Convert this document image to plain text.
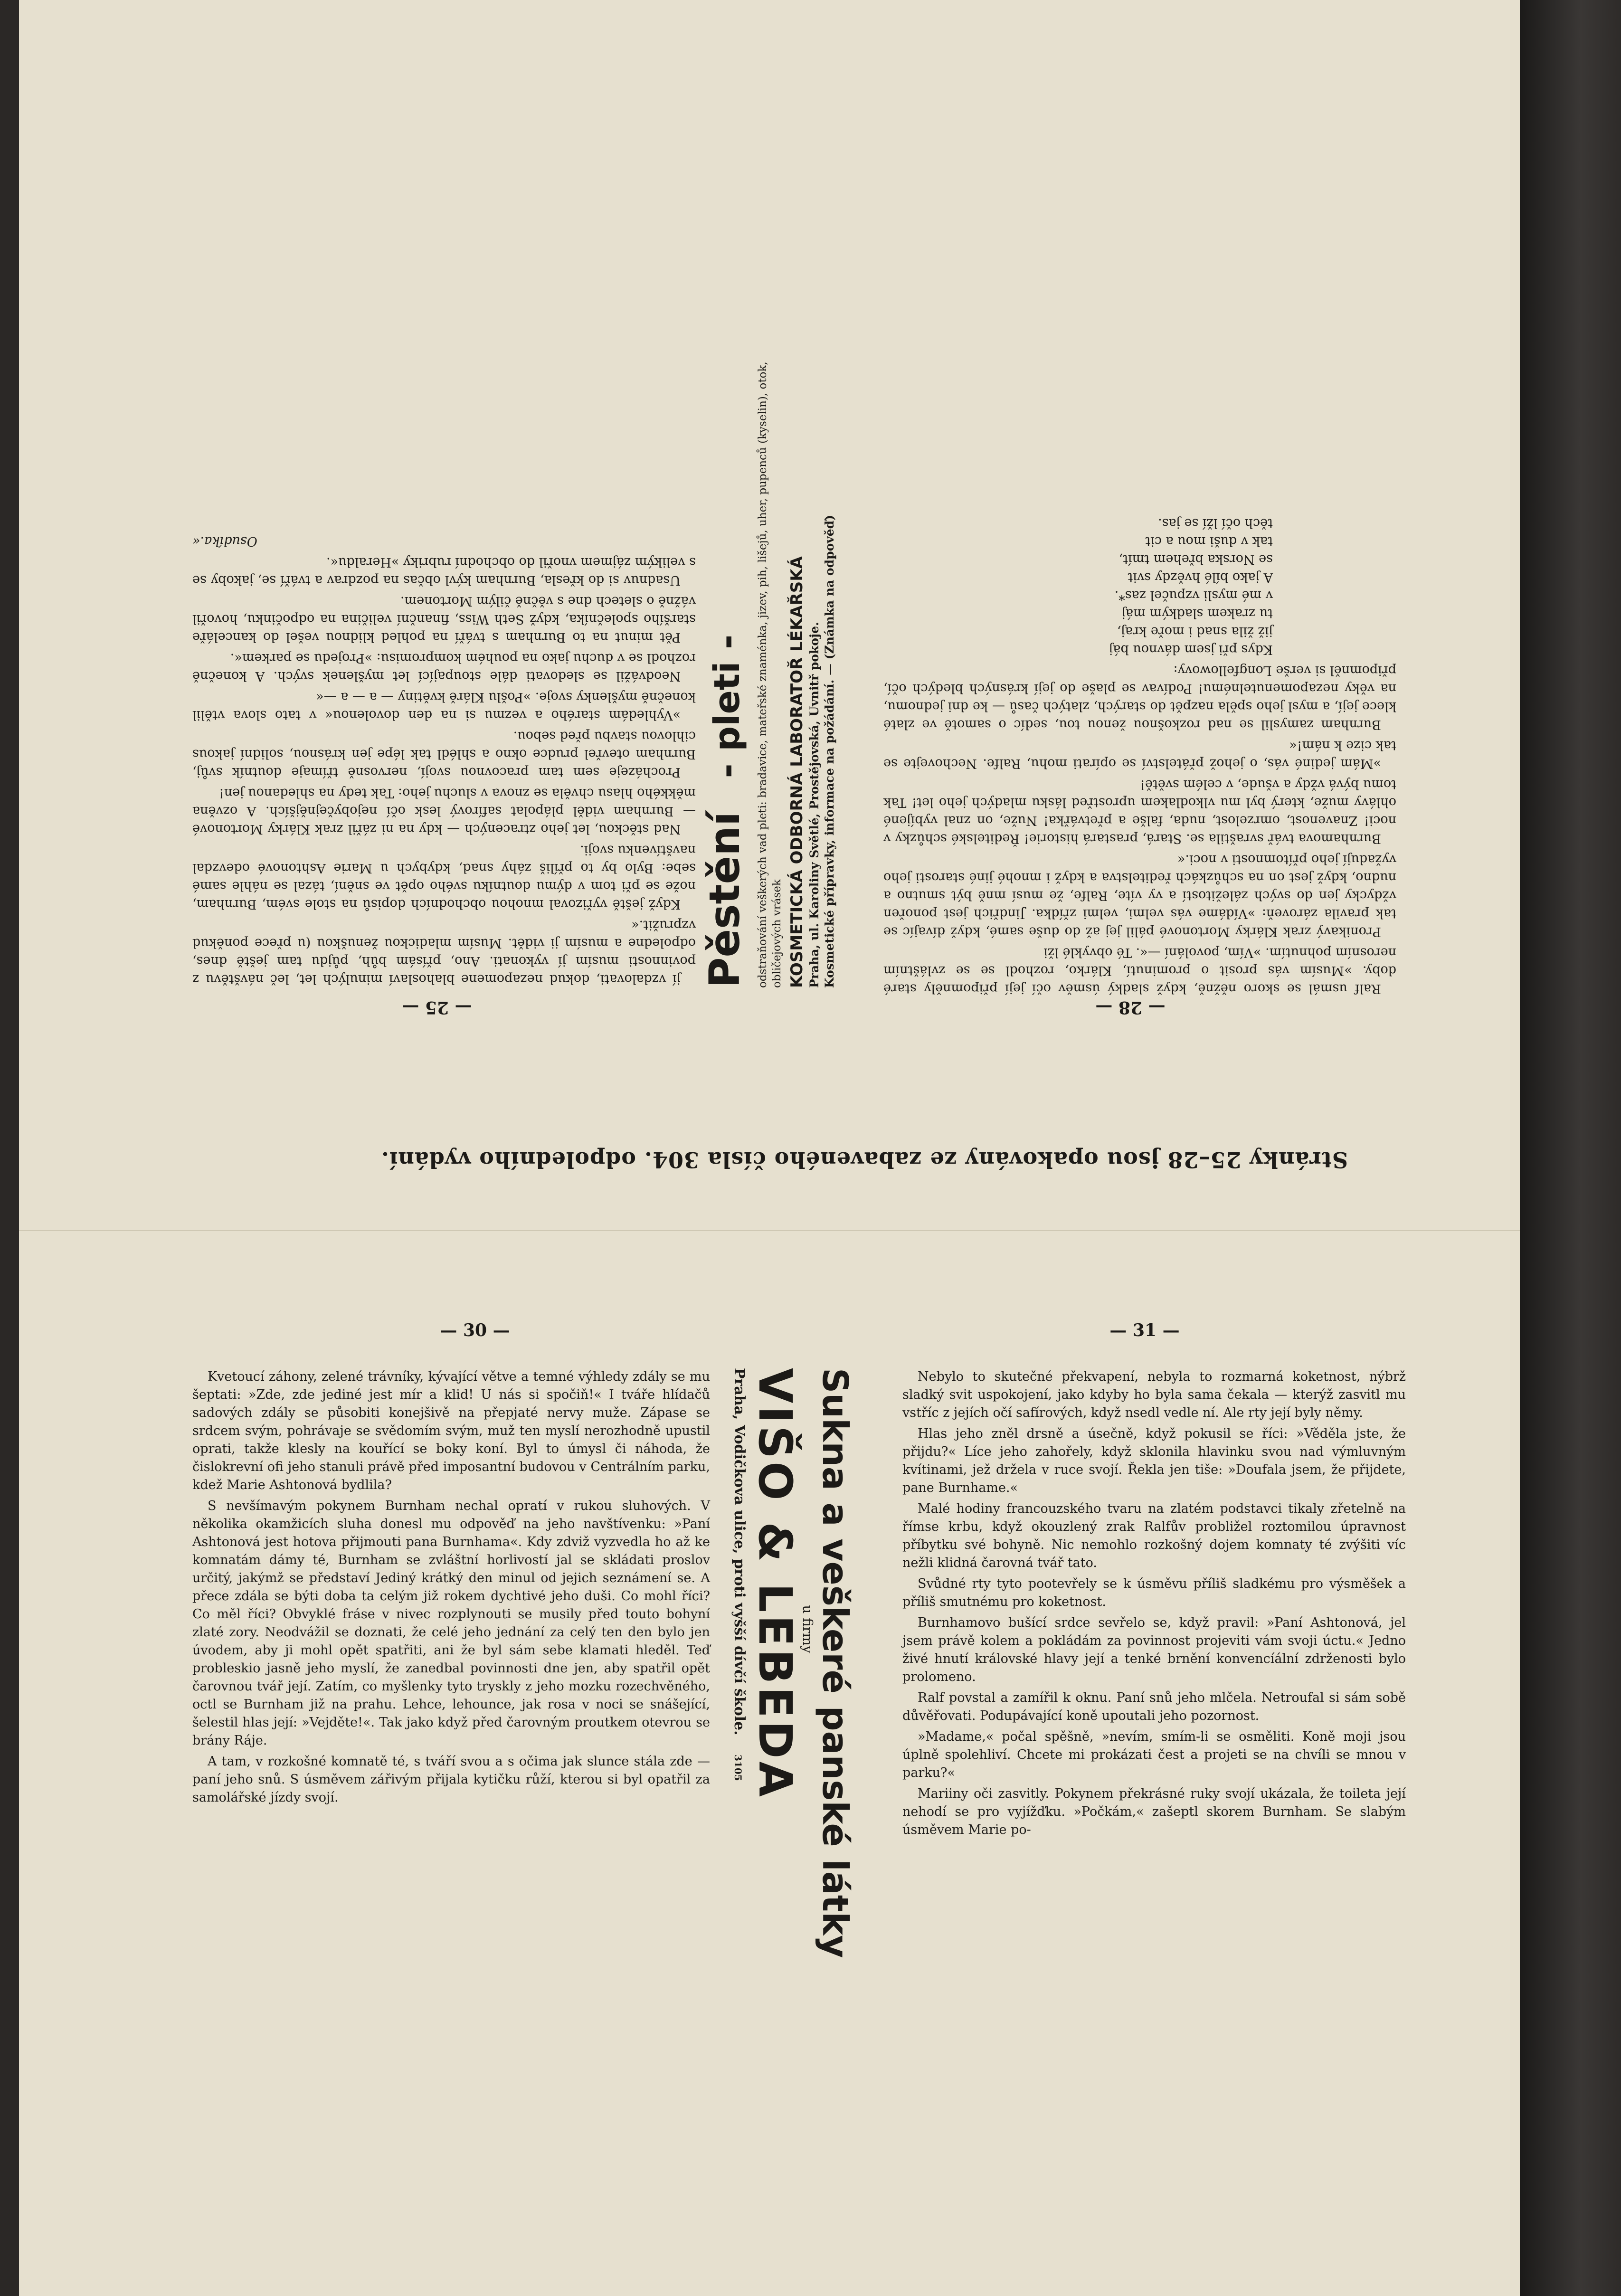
Ralf usmál se skoro něžně, když sladký úsměv očí její připomněly staré doby. »Musím vás prosit o prominutí, Klárko, rozhodl se se zvláštním nerosním pohnutím. »Vím, povolání —«. Té obvyklé lži

Pronikavý zrak Klárky Mortonové pálil jej až do duše samé, když dívajíc se tak pravila zároveň: »Vídáme vás velmi, velmi zřídka. Jindřich jest ponořen vždycky jen do svých záležitostí a vy víte, Ralfe, že musí mně být smutno a nudno, když jest on na schůzkách ředitelstva a když i mnohé jiné starosti jeho vyžadují jeho přítomnosti v noci.«

Burnhamova tvář svraštila se. Stará, prastará historie! Ředitelské schůzky v noci! Znavenost, omrzelost, nuda, falše a přetvářka! Nuže, on znal vybíjené ohlávy muže, který byl mu vlkodlakem uprostřed lásku mladých jeho let! Tak tomu bývá vždy a všude, v celém světě!

»Mám jediné vás, o jehož přátelství se opírati mohu, Ralfe. Nechovejte se tak cize k nám!«

Burnham zamyslil se nad rozkošnou ženou tou, sedíc o samotě ve zlaté klece její, a mysl jeho spěla nazpět do starých, zlatých časů — ke dni jednomu, na věky nezapomenutelnému! Podívav se plaše do její krásných bledých očí, připomněl si verše Longfellowovy:

Kdys při jsem dávnou báj
již žila snad i moře kraj,
tu zrakem sladkým máj
v mé mysli vzpučel zas*.
A jako bílé hvězdy svit
se Norska břehem tmít,
tak v duši mou a cit
těch očí lží se jas.
— 28 —
Pěstění - pleti - odstraňování veškerých vad pleti: bradavice, mateřské znaménka, jizev, pih, lišejů, uher, pupenců (kyselin), otok, obličejových vrásek KOSMETICKÁ ODBORNÁ LABORATOŘ LÉKAŘSKÁ Praha, ul. Karoliny Světlé, Prostějovská, Uvnitř pokoje. Kosmetické přípravky, informace na požádání. — (Známka na odpověď)

jí vzdalovati, dokud nezapomene blahoslaví minulých let, leč návštěvu z povinnosti musím jí vykonati. Ano, přísám bůh, půjdu tam ještě dnes, odpoledne a musím ji vidět. Musím mladickou ženuškou (u přece poněkud vzpružit.«

Když ještě vyřizoval mnohou obchodních dopisů na stole svém, Burnham, nože se při tom v dýmu doutníku svého opět ve snění, tázal se náhle samé sebe: Bylo by to příliš záhy snad, kdybych u Marie Ashtonové odevzdal navštívenku svoji.

Nad stěckou, let jeho ztracených — kdy na ni zářil zrak Klárky Mortonové — Burnham viděl plápolat safírový lesk očí nejobyčejnějších. A ozvěna měkkého hlasu chvěla se znova v sluchu jeho: Tak tedy na shledanou jen!

Procházeje sem tam pracovnou svojí, nervosně třímaje doutník svůj, Burnham otevřel prudce okno a shlédl tak lépe jen krásnou, solidní jakous cihlovou stavbu před sebou.

»Vyhledám starého a vezmu si na den dovolenou« v tato slova vtělil konečně myšlenky svoje. »Pošlu Klárě květiny — a — a —«

Neodvážil se sledovati dále stoupající let myšlenek svých. A konečně rozhodl se v duchu jako na pouhém kompromisu: »Projedu se parkem«.

Pět minut na to Burnham s tváří na pohled klidnou vešel do kanceláře staršího společníka, když Seth Wiss, finanční veličina na odpočinku, hovořil vážně o sletech dne s věčně čilým Mortonem.

Usadnuv si do křesla, Burnham kývl občas na pozdrav a tváří se, jakoby se s velikým zájmem vnořil do obchodní rubriky »Heraldu«.

Osudíka.«
— 25 —
Stránky 25–28 jsou opakovány ze zabaveného čísla 304. odpoledního vydání.
— 30 —

Kvetoucí záhony, zelené trávníky, kývající větve a temné výhledy zdály se mu šeptati: »Zde, zde jediné jest mír a klid! U nás si spočiň!« I tváře hlídačů sadových zdály se působiti konejšivě na přepjaté nervy muže. Zápase se srdcem svým, pohrávaje se svědomím svým, muž ten myslí nerozhodně upustil oprati, takže klesly na kouřící se boky koní. Byl to úmysl či náhoda, že čislokrevní ofi jeho stanuli právě před imposantní budovou v Centrálním parku, kdež Marie Ashtonová bydlila?

S nevšímavým pokynem Burnham nechal opratí v rukou sluhových. V několika okamžicích sluha donesl mu odpověď na jeho navštívenku: »Paní Ashtonová jest hotova přijmouti pana Burnhama«. Kdy zdviž vyzvedla ho až ke komnatám dámy té, Burnham se zvláštní horlivostí jal se skládati proslov určitý, jakýmž se představí Jediný krátký den minul od jejich seznámení se. A přece zdála se býti doba ta celým již rokem dychtivé jeho duši. Co mohl říci? Co měl říci? Obvyklé fráse v nivec rozplynouti se musily před touto bohyní zlaté zory. Neodvážil se doznati, že celé jeho jednání za celý ten den bylo jen úvodem, aby ji mohl opět spatřiti, ani že byl sám sebe klamati hleděl. Teď probleskio jasně jeho myslí, že zanedbal povinnosti dne jen, aby spatřil opět čarovnou tvář její. Zatím, co myšlenky tyto tryskly z jeho mozku rozechvěného, octl se Burnham již na prahu. Lehce, lehounce, jak rosa v noci se snášející, šelestil hlas její: »Vejděte!«. Tak jako když před čarovným proutkem otevrou se brány Ráje.

A tam, v rozkošné komnatě té, s tváří svou a s očima jak slunce stála zde — paní jeho snů. S úsměvem zářivým přijala kytičku růží, kterou si byl opatřil za samolářské jízdy svojí.	Sukna a veškeré panské látky
u firmy
VIŠO & LEBEDA
Praha, Vodičkova ulice, proti vyšší dívčí škole. 3105
— 31 —

Nebylo to skutečné překvapení, nebyla to rozmarná koketnost, nýbrž sladký svit uspokojení, jako kdyby ho byla sama čekala — kterýž zasvitl mu vstříc z jejích očí safírových, když nsedl vedle ní. Ale rty její byly němy.

Hlas jeho zněl drsně a úsečně, když pokusil se říci: »Věděla jste, že přijdu?« Líce jeho zahořely, když sklonila hlavinku svou nad výmluvným kvítinami, jež držela v ruce svojí. Řekla jen tiše: »Doufala jsem, že přijdete, pane Burnhame.«

Malé hodiny francouzského tvaru na zlatém podstavci tikaly zřetelně na římse krbu, když okouzlený zrak Ralfův probližel roztomilou úpravnost příbytku své bohyně. Nic nemohlo rozkošný dojem komnaty té zvýšiti víc nežli klidná čarovná tvář tato.

Svůdné rty tyto pootevřely se k úsměvu příliš sladkému pro výsměšek a příliš smutnému pro koketnost.

Burnhamovo bušící srdce sevřelo se, když pravil: »Paní Ashtonová, jel jsem právě kolem a pokládám za povinnost projeviti vám svoji úctu.« Jedno živé hnutí královské hlavy její a tenké brnění konvencíální zdrženosti bylo prolomeno.

Ralf povstal a zamířil k oknu. Paní snů jeho mlčela. Netroufal si sám sobě důvěřovati. Podupávající koně upoutali jeho pozornost.

»Madame,« počal spěšně, »nevím, smím-li se osměliti. Koně moji jsou úplně spolehliví. Chcete mi prokázati čest a projeti se na chvíli se mnou v parku?«

Mariiny oči zasvitly. Pokynem překrásné ruky svojí ukázala, že toileta její nehodí se pro vyjížďku. »Počkám,« zašeptl skorem Burnham. Se slabým úsměvem Marie po-
